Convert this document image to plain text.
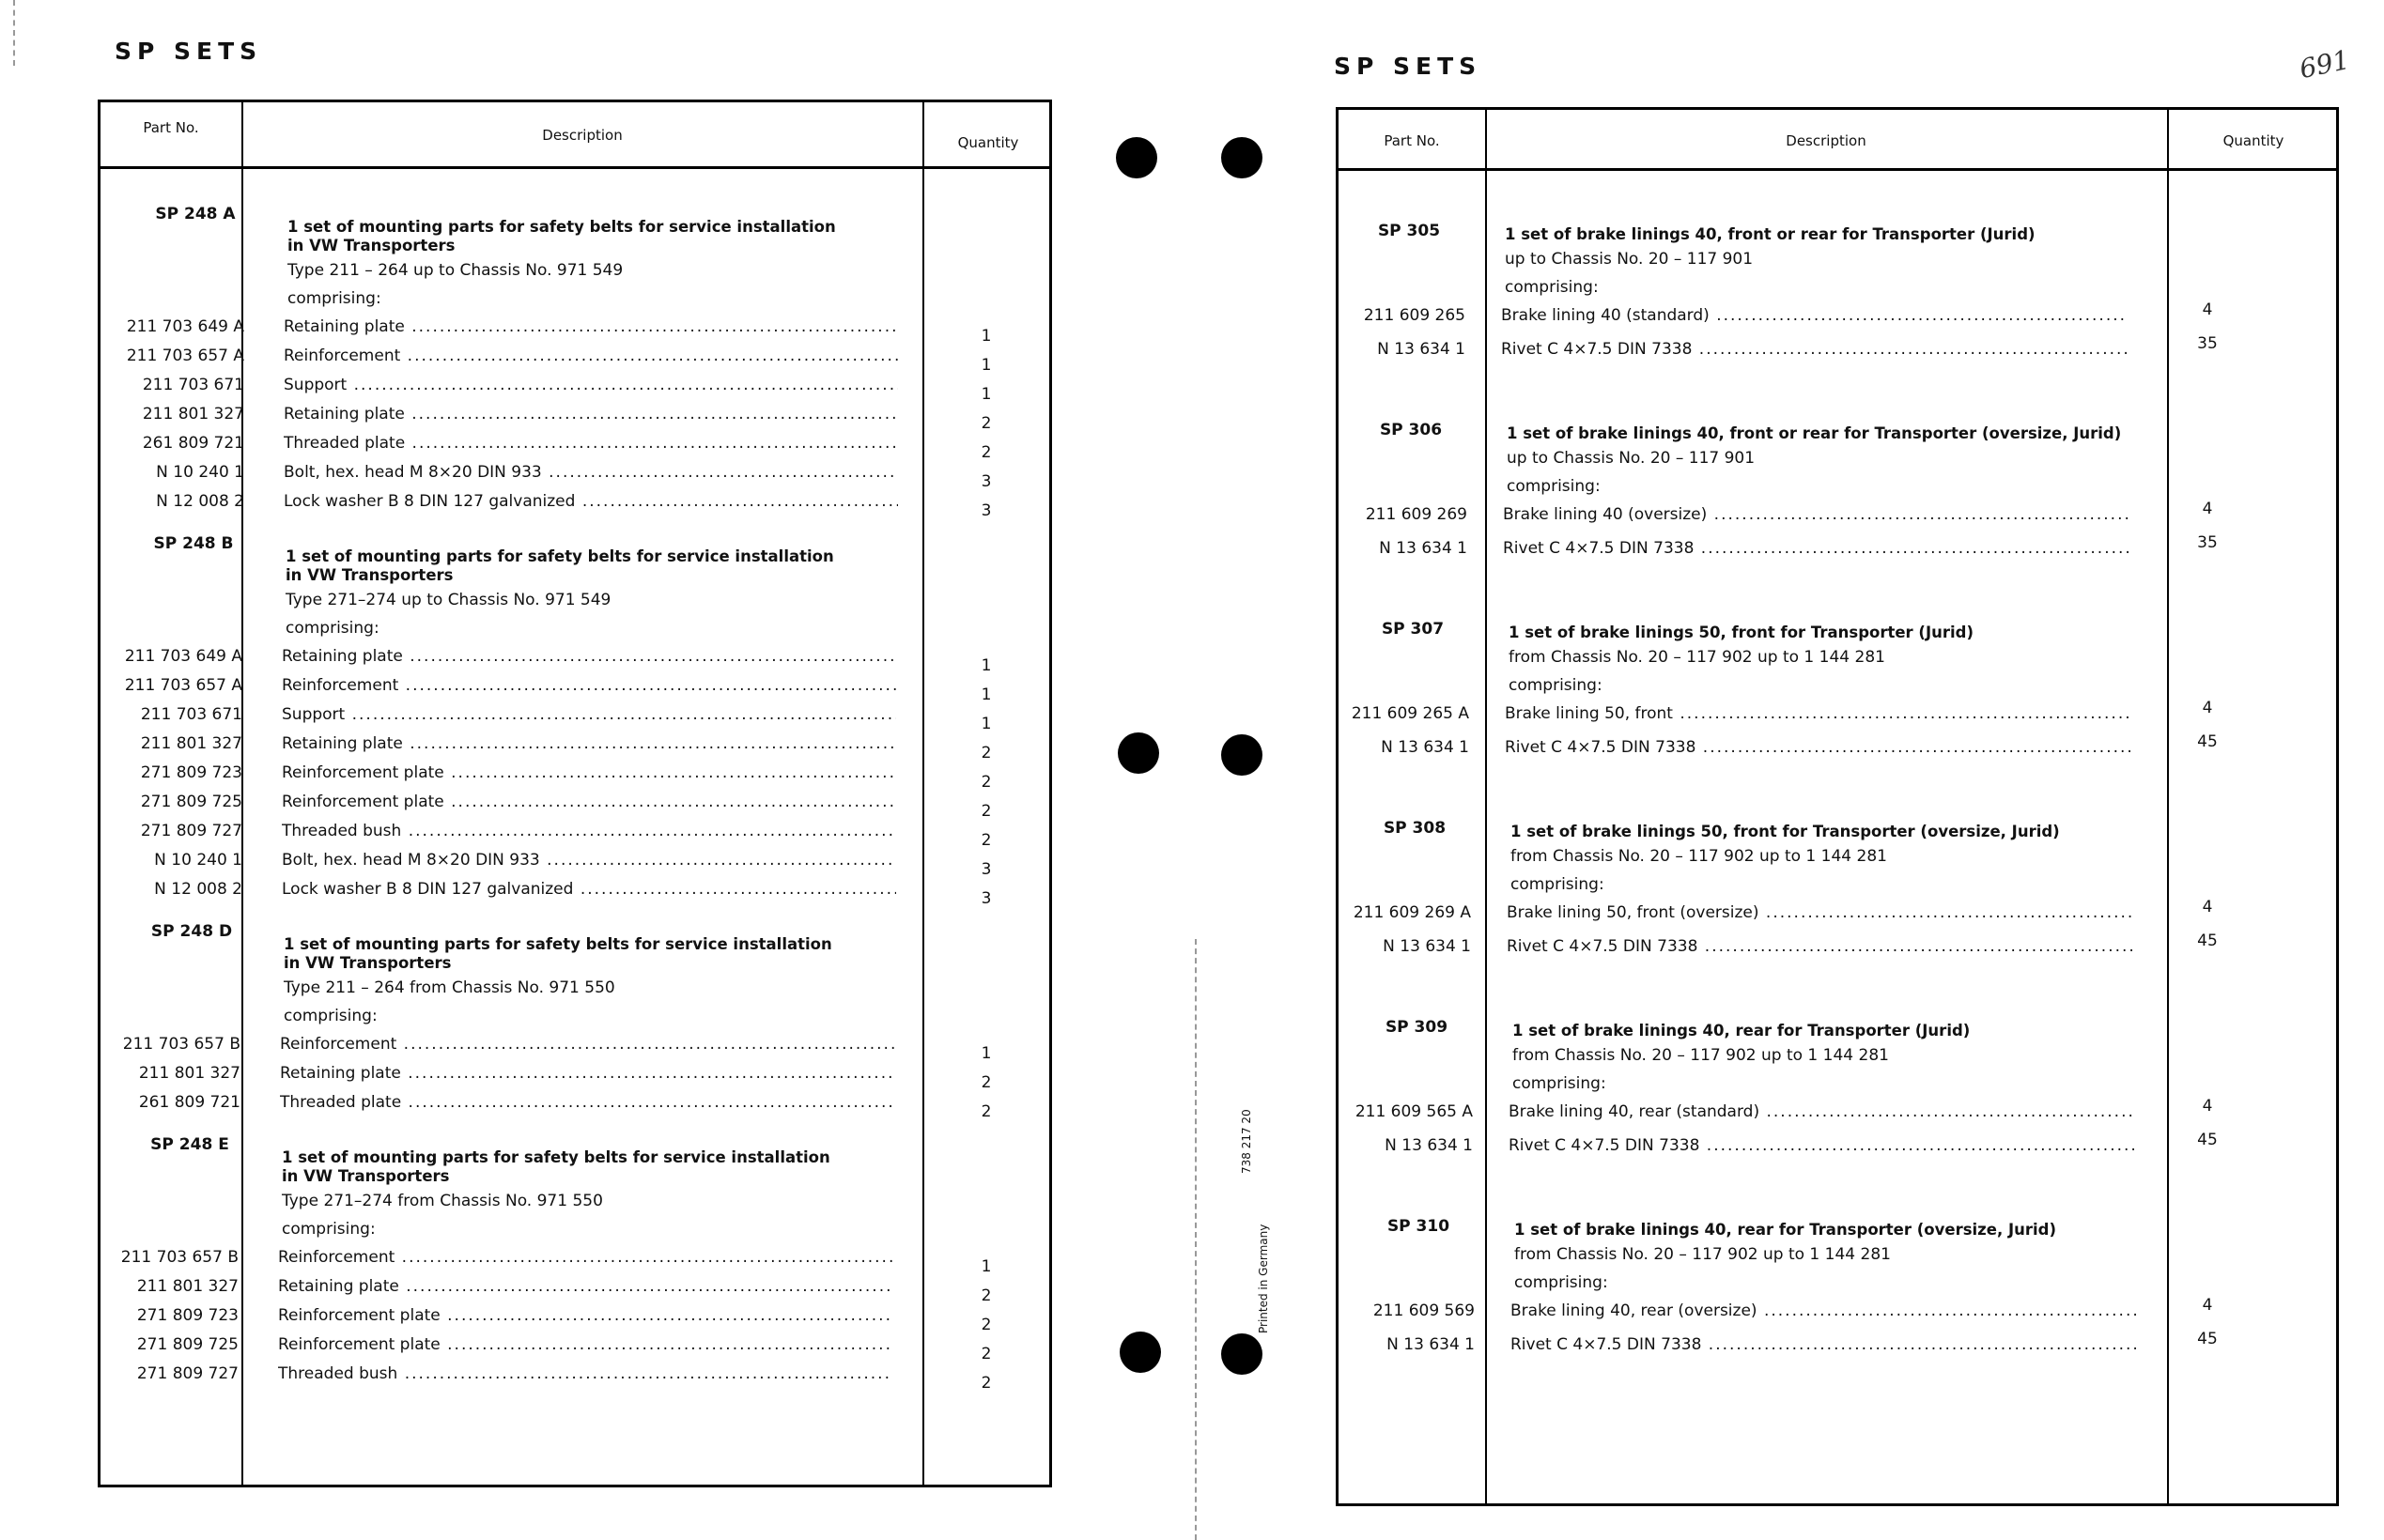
SP SETS
Part No.	Description	Quantity
SP 248 A
1 set of mounting parts for safety belts for service installation
in VW Transporters
Type 211 – 264 up to Chassis No. 971 549
comprising:
211 703 649 A Retaining plate .....	1
211 703 657 A Reinforcement .....	1
211 703 671 Support .....	1
211 801 327 Retaining plate .....	2
261 809 721 Threaded plate .....	2
N 10 240 1 Bolt, hex. head M 8×20 DIN 933 .....	3
N 12 008 2 Lock washer B 8 DIN 127 galvanized .....	3
SP 248 B
1 set of mounting parts for safety belts for service installation
in VW Transporters
Type 271–274 up to Chassis No. 971 549
comprising:
211 703 649 A Retaining plate .....	1
211 703 657 A Reinforcement .....	1
211 703 671 Support .....	1
211 801 327 Retaining plate .....	2
271 809 723 Reinforcement plate .....	2
271 809 725 Reinforcement plate .....	2
271 809 727 Threaded bush .....	2
N 10 240 1 Bolt, hex. head M 8×20 DIN 933 .....	3
N 12 008 2 Lock washer B 8 DIN 127 galvanized .....	3
SP 248 D
1 set of mounting parts for safety belts for service installation
in VW Transporters
Type 211 – 264 from Chassis No. 971 550
comprising:
211 703 657 B Reinforcement .....	1
211 801 327 Retaining plate .....	2
261 809 721 Threaded plate .....	2
SP 248 E
1 set of mounting parts for safety belts for service installation
in VW Transporters
Type 271–274 from Chassis No. 971 550
comprising:
211 703 657 B Reinforcement .....	1
211 801 327 Retaining plate .....	2
271 809 723 Reinforcement plate .....	2
271 809 725 Reinforcement plate .....	2
271 809 727 Threaded bush .....	2
SP SETS	691
Part No.	Description	Quantity
SP 305	1 set of brake linings 40, front or rear for Transporter (Jurid)
up to Chassis No. 20 – 117 901
comprising:
211 609 265 Brake lining 40 (standard) .....	4
N 13 634 1 Rivet C 4×7.5 DIN 7338 .....	35
SP 306	1 set of brake linings 40, front or rear for Transporter (oversize, Jurid)
up to Chassis No. 20 – 117 901
comprising:
211 609 269 Brake lining 40 (oversize) .....	4
N 13 634 1 Rivet C 4×7.5 DIN 7338 .....	35
SP 307	1 set of brake linings 50, front for Transporter (Jurid)
from Chassis No. 20 – 117 902 up to 1 144 281
comprising:
211 609 265 A Brake lining 50, front .....	4
N 13 634 1 Rivet C 4×7.5 DIN 7338 .....	45
SP 308	1 set of brake linings 50, front for Transporter (oversize, Jurid)
from Chassis No. 20 – 117 902 up to 1 144 281
comprising:
211 609 269 A Brake lining 50, front (oversize) .....	4
N 13 634 1 Rivet C 4×7.5 DIN 7338 .....	45
SP 309	1 set of brake linings 40, rear for Transporter (Jurid)
from Chassis No. 20 – 117 902 up to 1 144 281
comprising:
211 609 565 A Brake lining 40, rear (standard) .....	4
N 13 634 1 Rivet C 4×7.5 DIN 7338 .....	45
SP 310	1 set of brake linings 40, rear for Transporter (oversize, Jurid)
from Chassis No. 20 – 117 902 up to 1 144 281
comprising:
211 609 569 Brake lining 40, rear (oversize) .....	4
N 13 634 1 Rivet C 4×7.5 DIN 7338 .....	45
Printed in Germany
738 217 20
